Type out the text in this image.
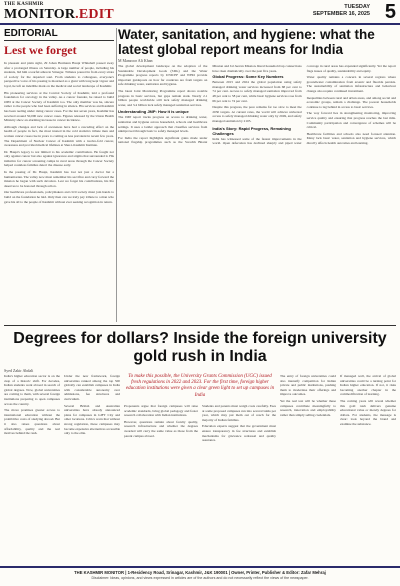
THE KASHMIR
MONITOR.EDIT	TUESDAY
SEPTEMBER 16, 2025 5
EDITORIAL
Lest we forget

In pleasant and plain sight, 29 Johan Hermann Haupt Whitehall passed away after a prolonged illness on Saturday. A large number of people, including his students, bid him a tearful adieu in Srinagar. Tributes poured in from every strata of society for the departed soul. From students to colleagues, everyone's perspective voice of his passing is mourned as a giant with long kept vigour and loyal, he left an indelible mark on the medical and social landscape of Kashmir.

His pioneering services at the Control Society of Kashmir, laid a profound foundation for oncology in the valley. As a cancer founder, he raised to build OPD at the Cancer Society of Kashmir too. The only member was he, sincere rather to the people who had been suffering in silence. His services and Kashmir has been reeling under rising cancer cases. For the last seven years, Kashmir has received around 50,000 new cancer cases. Figures released by the Union Health Ministry show an alarming increase in cancer incidence.

Although changes and lack of awareness have had a cascading effect on the health of people in fact, the most trusted in the cold statistics tribute men and women cancer cases rise in years to coming as less prevalent in recent few years. The Department of Nuclear Cancer of Kashmir with a twelve-fold cancer, awareness and provided medical lifelines at Sher-i-Kashmir Institute.

Dr. Haupt's legacy is not limited to his academic contribution. He fought not only against cancer but also against ignorance and stigma that surrounded it. His initiative for cancer screening camps in rural areas through the Cancer Society helped countless families detect the disease early.

In the passing of Dr. Haupt, Kashmir has lost not just a doctor but a humanitarian. The valley now must remember his sacrifice and carry forward the mission he began with such devotion. Lest we forget his contributions, his life deserves to be honored through action.

Our healthcare professionals, policymakers and civil society must join hands to build on the foundation he laid. Only then can we truly pay tribute to a man who gave his all to the people of Kashmir without ever seeking recognition in return.

Water, sanitation, and hygiene: what the latest global report means for India
M Manzoor Ali Khan

The global development landscape on the adoption of the Sustainable Development Goals (SDG) and the Water Programme progress reports by UNICEF and WHO provide important guideposts on how far countries are from targets on safe drinking water, sanitation and hygiene.

The latest Joint Monitoring Programme report shows notable progress in basic services, but gaps remain stark. Nearly 2.1 billion people worldwide still lack safely managed drinking water, and 3.4 billion lack safely managed sanitation services.

Understanding JMP: How it is unique

The JMP report tracks progress on access to drinking water, sanitation and hygiene across household, schools and healthcare settings. It uses a ladder approach that classifies services from unimproved through basic to safely managed levels.

For India the report highlights significant gains made under national flagship programmes such as the Swachh Bharat Mission and Jal Jeevan Mission. Rural household tap connections have risen dramatically over the past five years.

Global Progress: Some Key Numbers

Between 2015 and 2024 the global population using safely managed drinking water services increased from 68 per cent to 74 per cent. Access to safely managed sanitation improved from 48 per cent to 58 per cent, while basic hygiene services rose from 66 per cent to 74 per cent.

Despite this progress, the pace remains far too slow to meet the 2030 targets. At current rates, the world will achieve universal access to safely managed drinking water only by 2049, and safely managed sanitation by 2105.

India's Story: Rapid Progress, Remaining Challenges

India has witnessed some of the fastest improvements in the world. Open defecation has declined sharply and piped water coverage in rural areas has expanded significantly. Yet the report flags issues of quality, sustainability and equity.

Water quality remains a concern in several regions where groundwater contamination from arsenic and fluoride persists. The sustainability of sanitation infrastructure and behaviour change also require continued investment.

Inequalities between rural and urban areas, and among social and economic groups, remain a challenge. The poorest households continue to lag behind in access to basic services.

The way forward lies in strengthening monitoring, improving service quality and ensuring that progress reaches the last mile. Community participation and convergence of schemes will be critical.

Healthcare facilities and schools also need focused attention. Many lack basic water, sanitation and hygiene services, which directly affects health outcomes and learning.

Degrees for dollars? Inside the foreign university gold rush in India
Syed Zakir Abdali

India's higher education sector is on the cusp of a historic shift. For decades, Indian students went abroad in search of global degrees. Now, global universities are coming to them, with several foreign institutions preparing to open campuses across the country.

The move promises greater access to international education without the prohibitive costs of studying abroad. But it also raises questions about affordability, quality and the real motives behind the rush.

Under the new framework, foreign universities ranked among the top 500 globally can establish campuses in India with considerable autonomy over admissions, fee structures and curriculum.

Several British and Australian universities have already announced plans for campuses in GIFT City and other locations. Critics warn that without strong regulation, these campuses may become expensive alternatives accessible only to the elite.

To make this possible, the University Grants Commission (UGC) issued fresh regulations in 2022 and 2023. For the first time, foreign higher education institutions were given a clear green light to set up campuses in India

Proponents argue that foreign campuses will raise academic standards, bring global pedagogy and foster research collaboration with Indian institutions.

However, questions remain about faculty quality, research infrastructure and whether the degrees awarded will carry the same value as those from the parent campus abroad.

Students and parents must weigh costs carefully. Fees at some proposed campuses run into several lakhs per year, which may put them out of reach for the majority of Indian families.

Education experts suggest that the government must ensure transparency in fee structures and establish mechanisms for grievance redressal and quality assurance.

The entry of foreign universities could also intensify competition for Indian private and public institutions, pushing them to modernise their offerings and improve outcomes.

Yet the real test will be whether these campuses contribute meaningfully to research, innovation and employability rather than simply selling credentials.

If managed well, the arrival of global universities could be a turning point for Indian higher education. If not, it risks becoming another chapter in the commodification of learning.

The coming years will reveal whether this gold rush delivers genuine educational value or merely degrees for dollars. For students, the message is clear: look beyond the brand and examine the substance.

THE KASHMIR MONITOR | 1-Residency Road, Srinagar, Kashmir, J&K 190001 | Owner, Printer, Publisher & Editor: Zafar Mehraj
Disclaimer: Ideas, opinions, and views expressed in articles are of the authors and do not necessarily reflect the views of the newspaper.
